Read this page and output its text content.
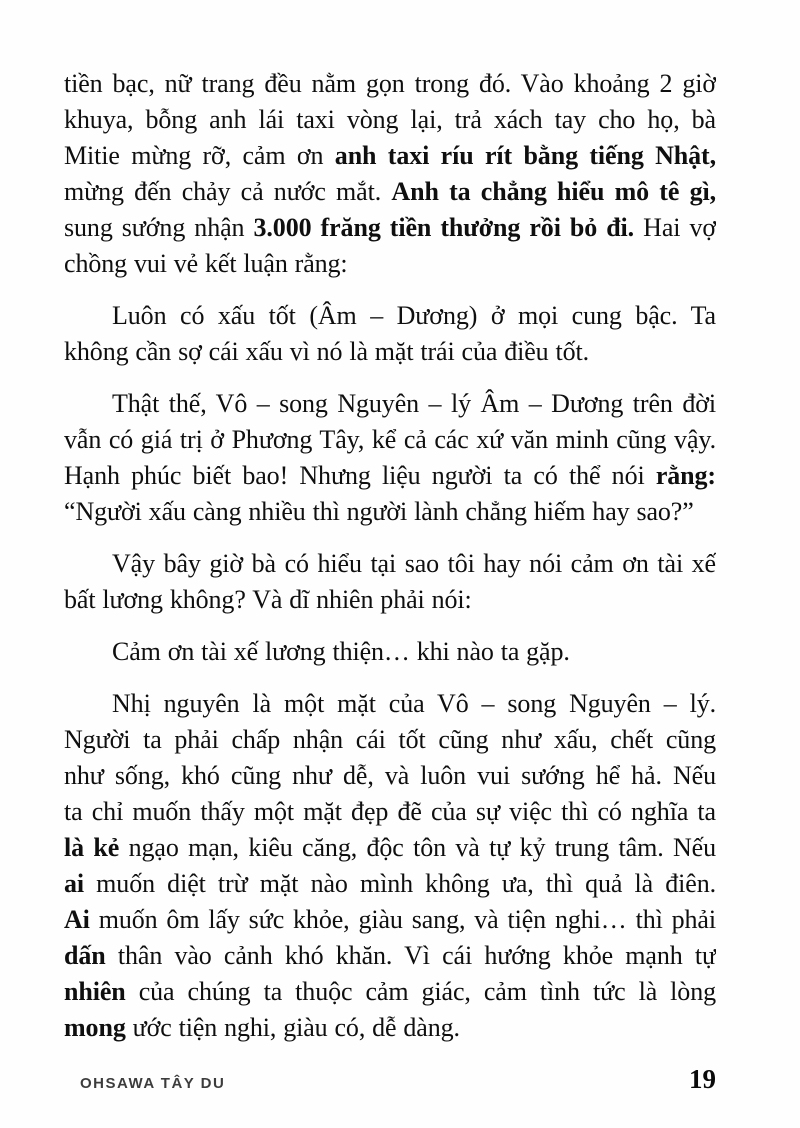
tiền bạc, nữ trang đều nằm gọn trong đó. Vào khoảng 2 giờ
khuya, bỗng anh lái taxi vòng lại, trả xách tay cho họ, bà
Mitie mừng rỡ, cảm ơn anh taxi ríu rít bằng tiếng Nhật,
mừng đến chảy cả nước mắt. Anh ta chẳng hiểu mô tê gì,
sung sướng nhận 3.000 frăng tiền thưởng rồi bỏ đi. Hai vợ
chồng vui vẻ kết luận rằng:
Luôn có xấu tốt (Âm – Dương) ở mọi cung bậc. Ta
không cần sợ cái xấu vì nó là mặt trái của điều tốt.
Thật thế, Vô – song Nguyên – lý Âm – Dương trên đời
vẫn có giá trị ở Phương Tây, kể cả các xứ văn minh cũng vậy.
Hạnh phúc biết bao! Nhưng liệu người ta có thể nói rằng:
“Người xấu càng nhiều thì người lành chẳng hiếm hay sao?”
Vậy bây giờ bà có hiểu tại sao tôi hay nói cảm ơn tài xế
bất lương không? Và dĩ nhiên phải nói:
Cảm ơn tài xế lương thiện… khi nào ta gặp.
Nhị nguyên là một mặt của Vô – song Nguyên – lý.
Người ta phải chấp nhận cái tốt cũng như xấu, chết cũng
như sống, khó cũng như dễ, và luôn vui sướng hể hả. Nếu
ta chỉ muốn thấy một mặt đẹp đẽ của sự việc thì có nghĩa ta
là kẻ ngạo mạn, kiêu căng, độc tôn và tự kỷ trung tâm. Nếu
ai muốn diệt trừ mặt nào mình không ưa, thì quả là điên.
Ai muốn ôm lấy sức khỏe, giàu sang, và tiện nghi… thì phải
dấn thân vào cảnh khó khăn. Vì cái hướng khỏe mạnh tự
nhiên của chúng ta thuộc cảm giác, cảm tình tức là lòng
mong ước tiện nghi, giàu có, dễ dàng.
OHSAWA TÂY DU	19
